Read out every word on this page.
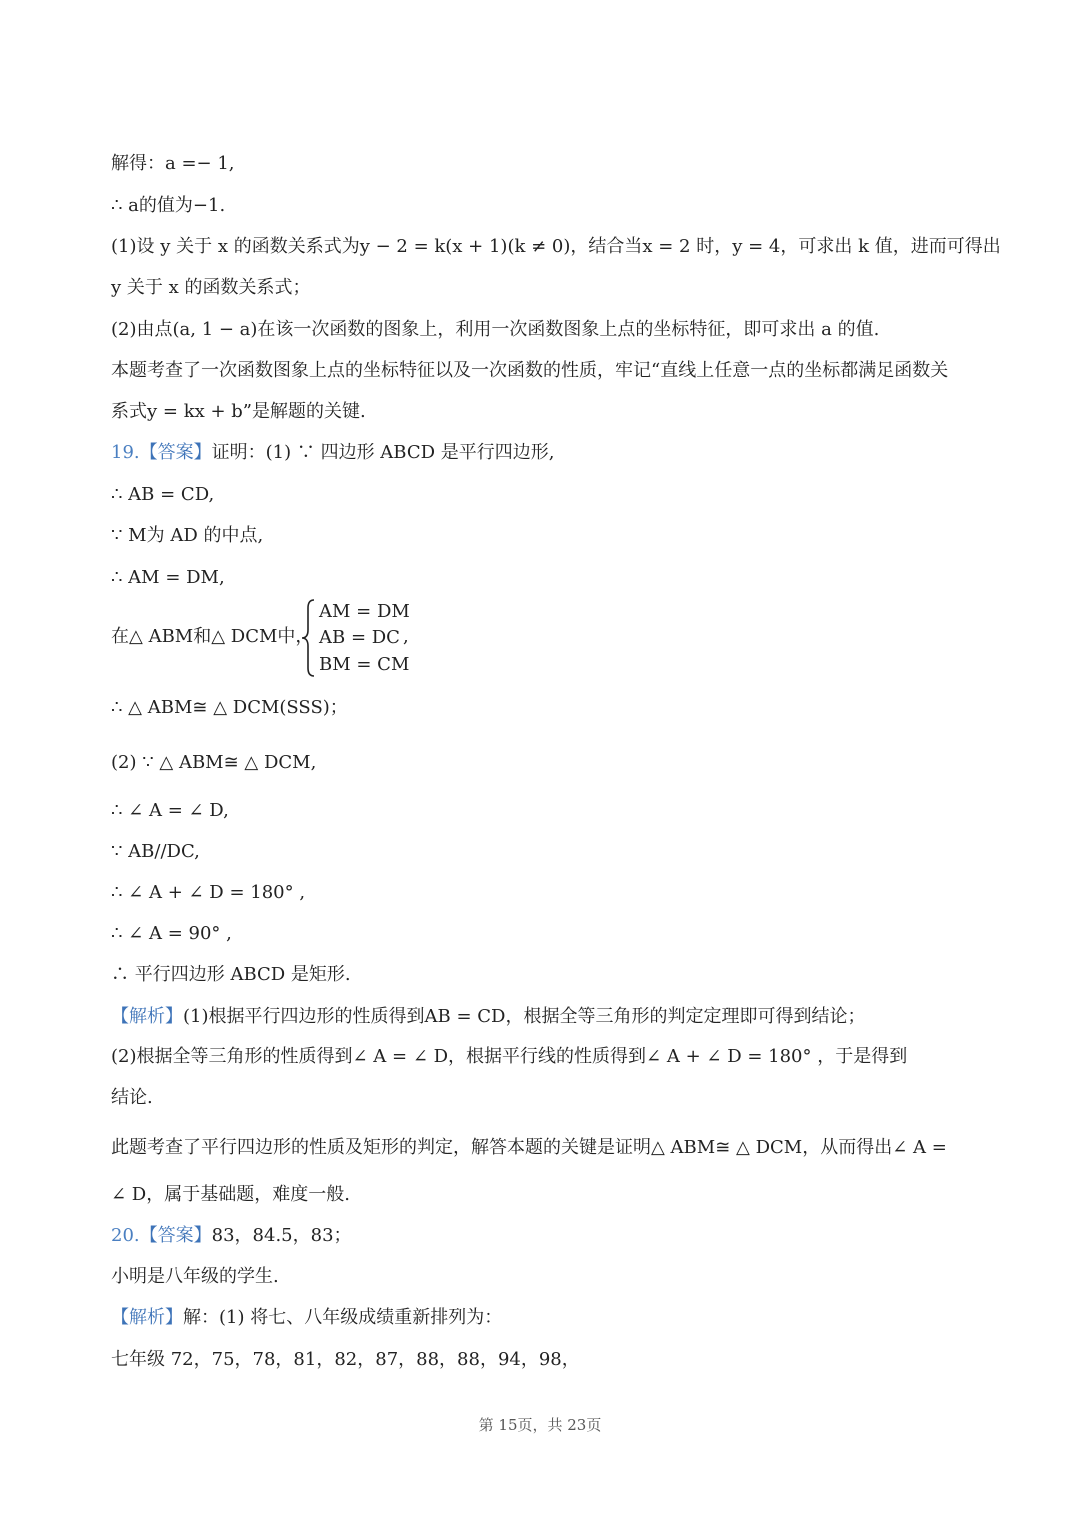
解得：a =− 1,
∴ a的值为−1.
(1)设 y 关于 x 的函数关系式为y − 2 = k(x + 1)(k ≠ 0)，结合当x = 2 时，y = 4，可求出 k 值，进而可得出
y 关于 x 的函数关系式；
(2)由点(a, 1 − a)在该一次函数的图象上，利用一次函数图象上点的坐标特征，即可求出 a 的值.
本题考查了一次函数图象上点的坐标特征以及一次函数的性质，牢记“直线上任意一点的坐标都满足函数关
系式y = kx + b”是解题的关键.
19.【答案】证明：(1) ∵ 四边形 ABCD 是平行四边形,
∴ AB = CD,
∵ M为 AD 的中点,
∴ AM = DM,
在△ ABM和△ DCM中，
AM = DM
AB = DC
BM = CM
,
∴ △ ABM≅ △ DCM(SSS)；
(2) ∵ △ ABM≅ △ DCM,
∴ ∠ A = ∠ D,
∵ AB//DC,
∴ ∠ A + ∠ D = 180° ,
∴ ∠ A = 90° ,
∴ 平行四边形 ABCD 是矩形.
【解析】(1)根据平行四边形的性质得到AB = CD，根据全等三角形的判定定理即可得到结论；
(2)根据全等三角形的性质得到∠ A = ∠ D，根据平行线的性质得到∠ A + ∠ D = 180° ，于是得到
结论.
此题考查了平行四边形的性质及矩形的判定，解答本题的关键是证明△ ABM≅ △ DCM，从而得出∠ A =
∠ D，属于基础题，难度一般.
20.【答案】83，84.5，83；
小明是八年级的学生.
【解析】解：(1) 将七、八年级成绩重新排列为：
七年级 72，75，78，81，82，87，88，88，94，98，
第 15页，共 23页
